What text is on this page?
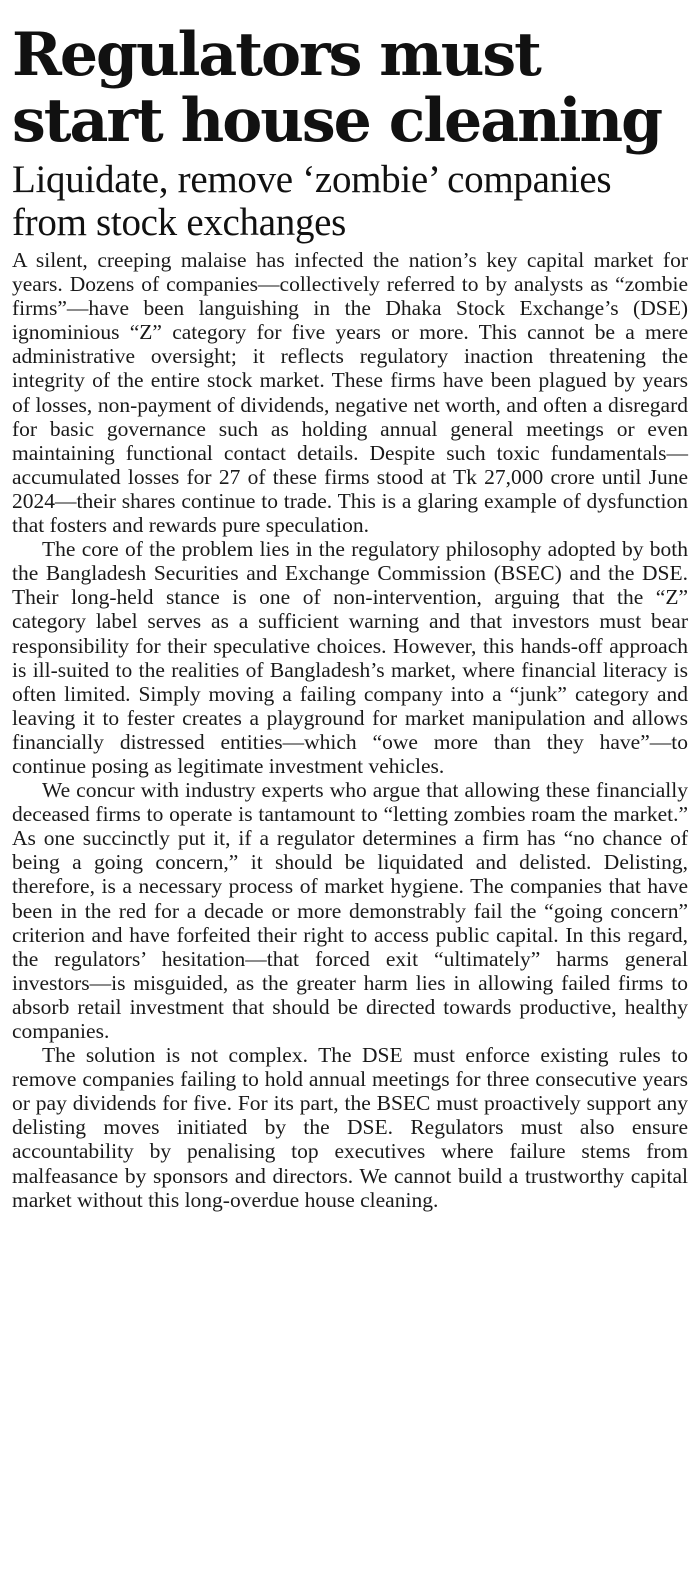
Regulators must start house cleaning
Liquidate, remove ‘zombie’ companies from stock exchanges

A silent, creeping malaise has infected the nation’s key capital market for years. Dozens of companies—collectively referred to by analysts as “zombie firms”—have been languishing in the Dhaka Stock Exchange’s (DSE) ignominious “Z” category for five years or more. This cannot be a mere administrative oversight; it reflects regulatory inaction threatening the integrity of the entire stock market. These firms have been plagued by years of losses, non-payment of dividends, negative net worth, and often a disregard for basic governance such as holding annual general meetings or even maintaining functional contact details. Despite such toxic fundamentals—accumulated losses for 27 of these firms stood at Tk 27,000 crore until June 2024—their shares continue to trade. This is a glaring example of dysfunction that fosters and rewards pure speculation.

The core of the problem lies in the regulatory philosophy adopted by both the Bangladesh Securities and Exchange Commission (BSEC) and the DSE. Their long-held stance is one of non-intervention, arguing that the “Z” category label serves as a sufficient warning and that investors must bear responsibility for their speculative choices. However, this hands-off approach is ill-suited to the realities of Bangladesh’s market, where financial literacy is often limited. Simply moving a failing company into a “junk” category and leaving it to fester creates a playground for market manipulation and allows financially distressed entities—which “owe more than they have”—to continue posing as legitimate investment vehicles.

We concur with industry experts who argue that allowing these financially deceased firms to operate is tantamount to “letting zombies roam the market.” As one succinctly put it, if a regulator determines a firm has “no chance of being a going concern,” it should be liquidated and delisted. Delisting, therefore, is a necessary process of market hygiene. The companies that have been in the red for a decade or more demonstrably fail the “going concern” criterion and have forfeited their right to access public capital. In this regard, the regulators’ hesitation—that forced exit “ultimately” harms general investors—is misguided, as the greater harm lies in allowing failed firms to absorb retail investment that should be directed towards productive, healthy companies.

The solution is not complex. The DSE must enforce existing rules to remove companies failing to hold annual meetings for three consecutive years or pay dividends for five. For its part, the BSEC must proactively support any delisting moves initiated by the DSE. Regulators must also ensure accountability by penalising top executives where failure stems from malfeasance by sponsors and directors. We cannot build a trustworthy capital market without this long-overdue house cleaning.
